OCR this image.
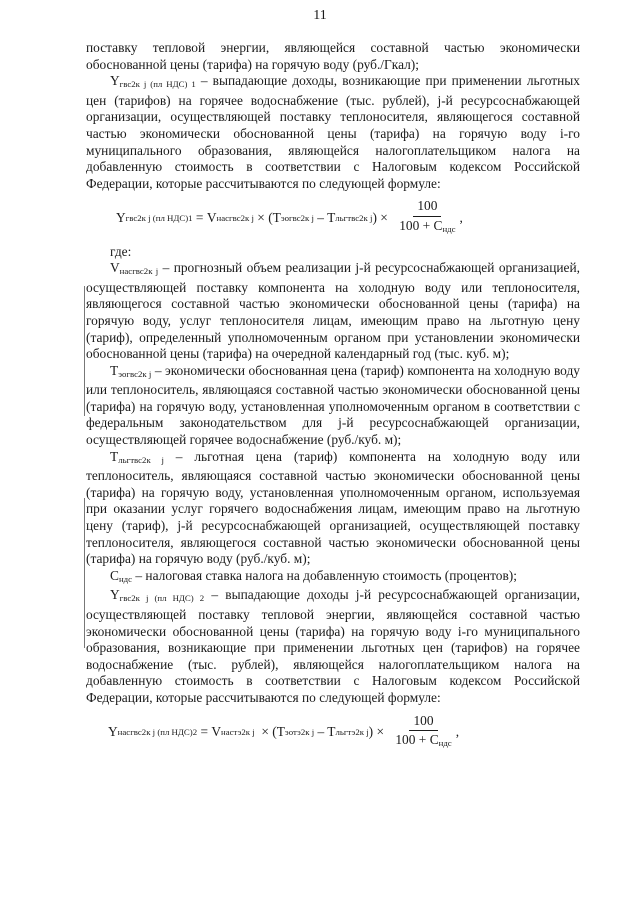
11

поставку тепловой энергии, являющейся составной частью экономически обоснованной цены (тарифа) на горячую воду (руб./Гкал);

$Y_{гвс2к j (пл НДС) 1}$ – выпадающие доходы, возникающие при применении льготных цен (тарифов) на горячее водоснабжение (тыс. рублей), j-й ресурсоснабжающей организации, осуществляющей поставку теплоносителя, являющегося составной частью экономически обоснованной цены (тарифа) на горячую воду i-го муниципального образования, являющейся налогоплательщиком налога на добавленную стоимость в соответствии с Налоговым кодексом Российской Федерации, которые рассчитываются по следующей формуле:

Y гвс2к j (пл НДС)1 = V насгвс2к j × (T эогвс2к j – T льгтвс2к j ) × $\frac{100}{100 + С_{ндс}}$ ,

где:

$V_{насгвс2к j}$ – прогнозный объем реализации j-й ресурсоснабжающей организацией, осуществляющей поставку компонента на холодную воду или теплоносителя, являющегося составной частью экономически обоснованной цены (тарифа) на горячую воду, услуг теплоносителя лицам, имеющим право на льготную цену (тариф), определенный уполномоченным органом при установлении экономически обоснованной цены (тарифа) на очередной календарный год (тыс. куб. м);

$T_{эогвс2к j}$ – экономически обоснованная цена (тариф) компонента на холодную воду или теплоноситель, являющаяся составной частью экономически обоснованной цены (тарифа) на горячую воду, установленная уполномоченным органом в соответствии с федеральным законодательством для j-й ресурсоснабжающей организации, осуществляющей горячее водоснабжение (руб./куб. м);

$T_{льгтвс2к j}$ – льготная цена (тариф) компонента на холодную воду или теплоноситель, являющаяся составной частью экономически обоснованной цены (тарифа) на горячую воду, установленная уполномоченным органом, используемая при оказании услуг горячего водоснабжения лицам, имеющим право на льготную цену (тариф), j-й ресурсоснабжающей организацией, осуществляющей поставку теплоносителя, являющегося составной частью экономически обоснованной цены (тарифа) на горячую воду (руб./куб. м);

$С_{ндс}$ – налоговая ставка налога на добавленную стоимость (процентов);

$Y_{гвс2к j (пл НДС) 2}$ – выпадающие доходы j-й ресурсоснабжающей организации, осуществляющей поставку тепловой энергии, являющейся составной частью экономически обоснованной цены (тарифа) на горячую воду i-го муниципального образования, возникающие при применении льготных цен (тарифов) на горячее водоснабжение (тыс. рублей), являющейся налогоплательщиком налога на добавленную стоимость в соответствии с Налоговым кодексом Российской Федерации, которые рассчитываются по следующей формуле:

Y насгвс2к j (пл НДС)2 = V настэ2к j × (T эотэ2к j – T льгтэ2к j ) × $\frac{100}{100 + С_{ндс}}$ ,
